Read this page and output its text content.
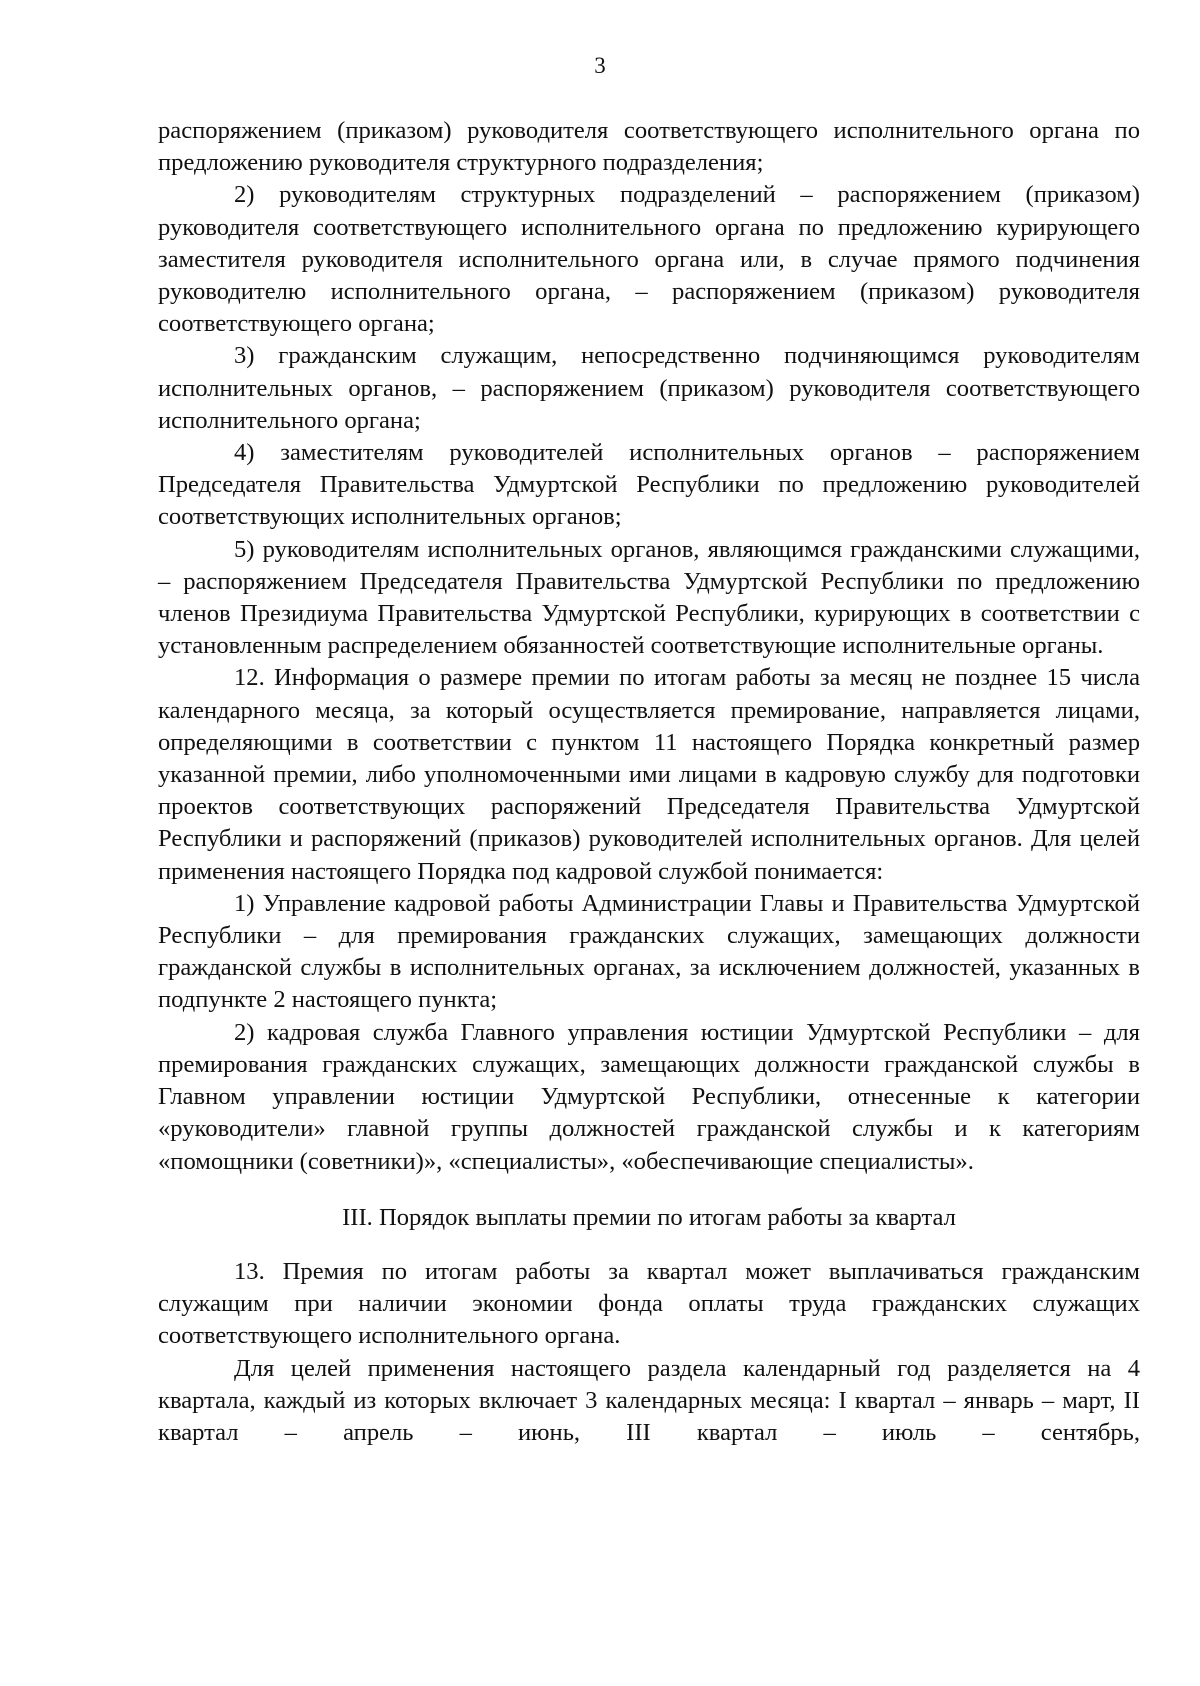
3

распоряжением (приказом) руководителя соответствующего исполнительного органа по предложению руководителя структурного подразделения;

2) руководителям структурных подразделений – распоряжением (приказом) руководителя соответствующего исполнительного органа по предложению курирующего заместителя руководителя исполнительного органа или, в случае прямого подчинения руководителю исполнительного органа, – распоряжением (приказом) руководителя соответствующего органа;

3) гражданским служащим, непосредственно подчиняющимся руководителям исполнительных органов, – распоряжением (приказом) руководителя соответствующего исполнительного органа;

4) заместителям руководителей исполнительных органов – распоряжением Председателя Правительства Удмуртской Республики по предложению руководителей соответствующих исполнительных органов;

5) руководителям исполнительных органов, являющимся гражданскими служащими, – распоряжением Председателя Правительства Удмуртской Республики по предложению членов Президиума Правительства Удмуртской Республики, курирующих в соответствии с установленным распределением обязанностей соответствующие исполнительные органы.

12. Информация о размере премии по итогам работы за месяц не позднее 15 числа календарного месяца, за который осуществляется премирование, направляется лицами, определяющими в соответствии с пунктом 11 настоящего Порядка конкретный размер указанной премии, либо уполномоченными ими лицами в кадровую службу для подготовки проектов соответствующих распоряжений Председателя Правительства Удмуртской Республики и распоряжений (приказов) руководителей исполнительных органов. Для целей применения настоящего Порядка под кадровой службой понимается:

1) Управление кадровой работы Администрации Главы и Правительства Удмуртской Республики – для премирования гражданских служащих, замещающих должности гражданской службы в исполнительных органах, за исключением должностей, указанных в подпункте 2 настоящего пункта;

2) кадровая служба Главного управления юстиции Удмуртской Республики – для премирования гражданских служащих, замещающих должности гражданской службы в Главном управлении юстиции Удмуртской Республики, отнесенные к категории «руководители» главной группы должностей гражданской службы и к категориям «помощники (советники)», «специалисты», «обеспечивающие специалисты».

III. Порядок выплаты премии по итогам работы за квартал

13. Премия по итогам работы за квартал может выплачиваться гражданским служащим при наличии экономии фонда оплаты труда гражданских служащих соответствующего исполнительного органа.

Для целей применения настоящего раздела календарный год разделяется на 4 квартала, каждый из которых включает 3 календарных месяца: I квартал – январь – март, II квартал – апрель – июнь, III квартал – июль – сентябрь,
